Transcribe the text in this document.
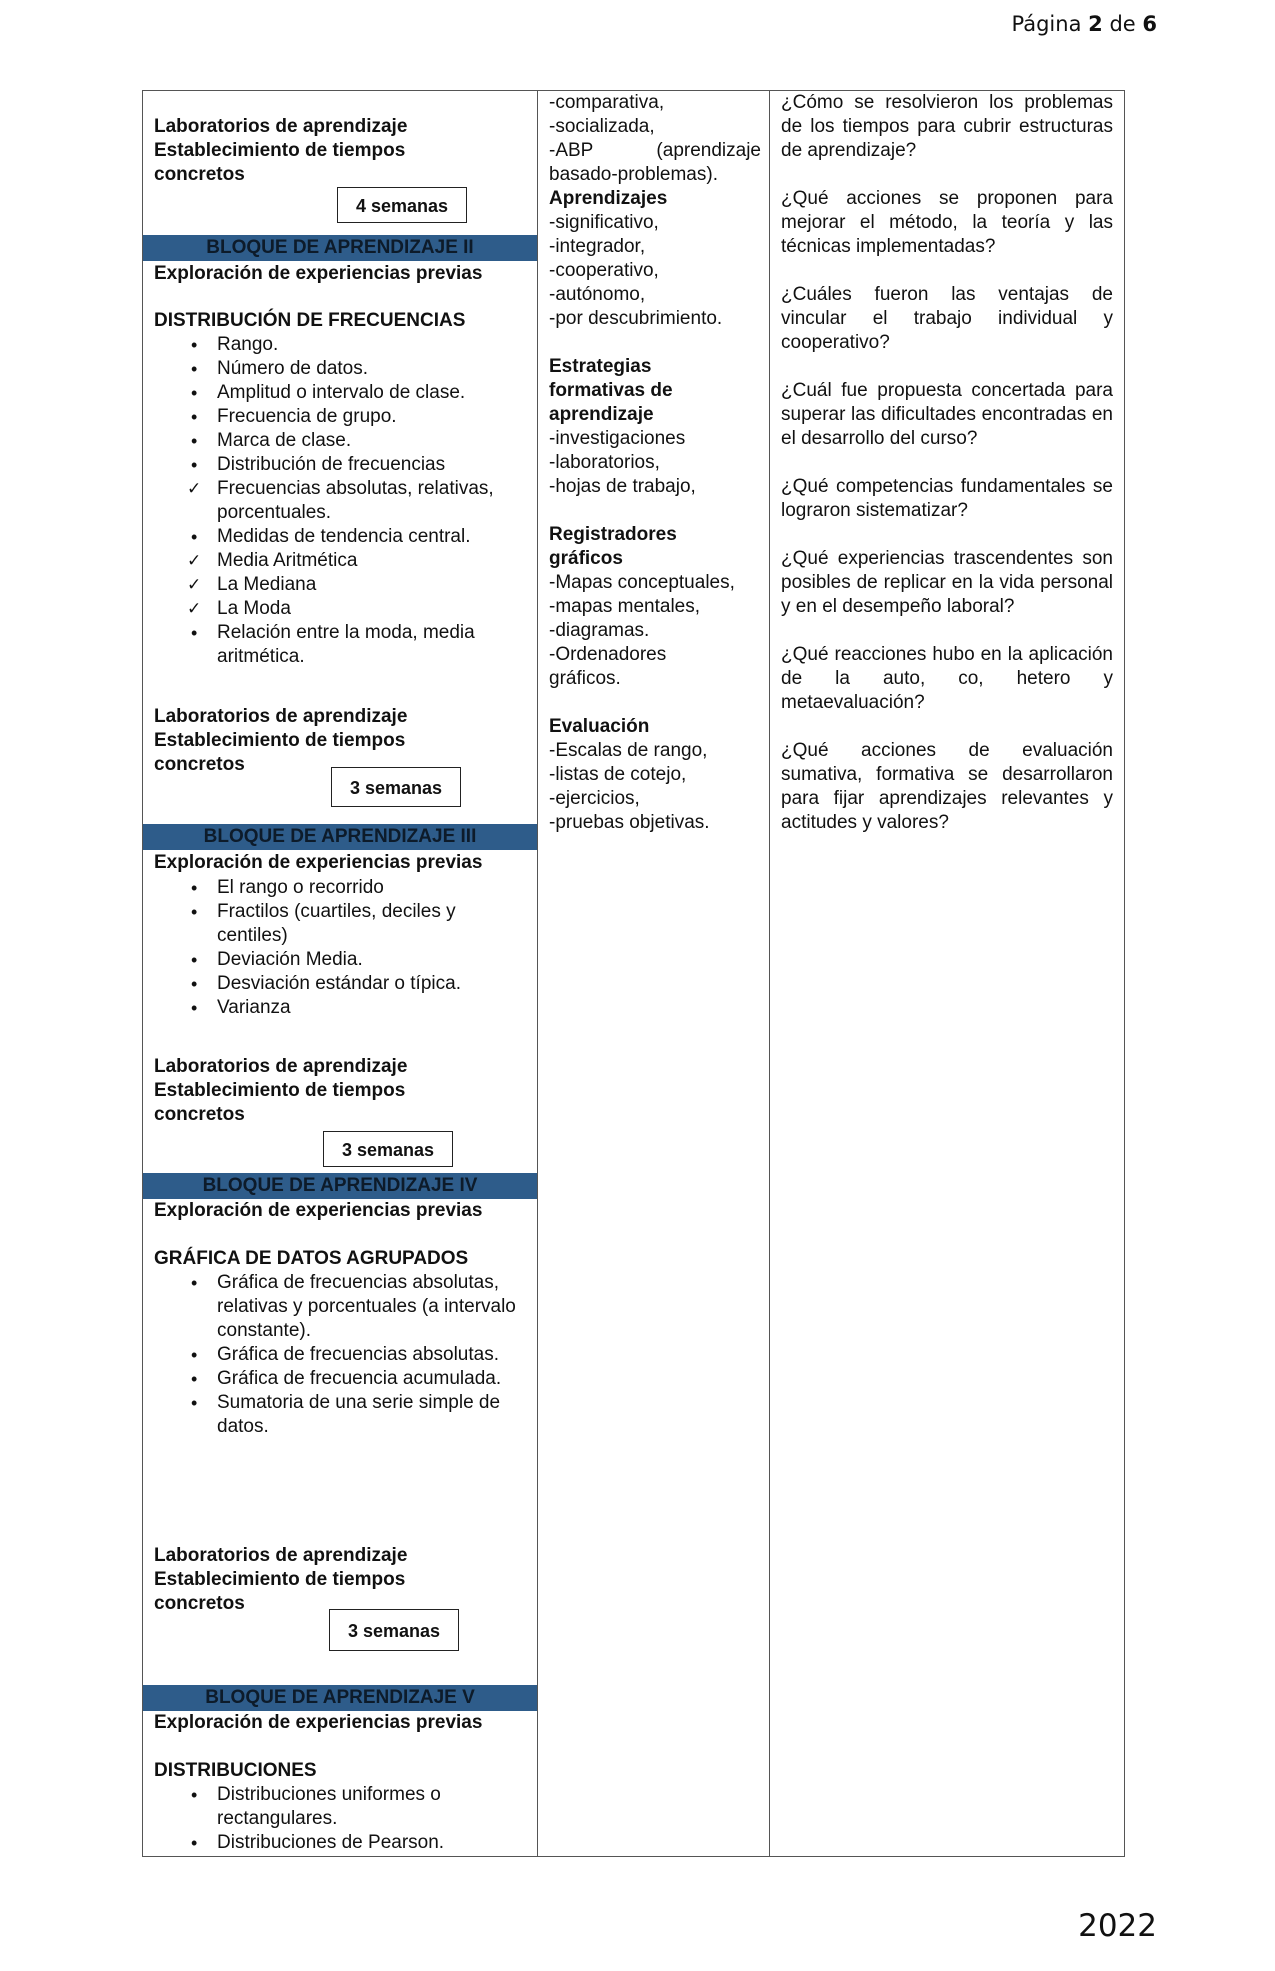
Página 2 de 6
Laboratorios de aprendizaje
Establecimiento de tiempos
concretos
4 semanas
BLOQUE DE APRENDIZAJE II
Exploración de experiencias previas
DISTRIBUCIÓN DE FRECUENCIAS
• Rango.
• Número de datos.
• Amplitud o intervalo de clase.
• Frecuencia de grupo.
• Marca de clase.
• Distribución de frecuencias
✓ Frecuencias absolutas, relativas, porcentuales.
• Medidas de tendencia central.
✓ Media Aritmética
✓ La Mediana
✓ La Moda
• Relación entre la moda, media aritmética.
Laboratorios de aprendizaje
Establecimiento de tiempos
concretos
3 semanas
BLOQUE DE APRENDIZAJE III
Exploración de experiencias previas
• El rango o recorrido
• Fractilos (cuartiles, deciles y centiles)
• Deviación Media.
• Desviación estándar o típica.
• Varianza
Laboratorios de aprendizaje
Establecimiento de tiempos
concretos
3 semanas
BLOQUE DE APRENDIZAJE IV
Exploración de experiencias previas
GRÁFICA DE DATOS AGRUPADOS
• Gráfica de frecuencias absolutas, relativas y porcentuales (a intervalo constante).
• Gráfica de frecuencias absolutas.
• Gráfica de frecuencia acumulada.
• Sumatoria de una serie simple de datos.
Laboratorios de aprendizaje
Establecimiento de tiempos
concretos
3 semanas
BLOQUE DE APRENDIZAJE V
Exploración de experiencias previas
DISTRIBUCIONES
• Distribuciones uniformes o rectangulares.
• Distribuciones de Pearson.
-comparativa,
-socializada,
-ABP	(aprendizaje
basado-problemas).
Aprendizajes
-significativo,
-integrador,
-cooperativo,
-autónomo,
-por descubrimiento.
Estrategias
formativas de
aprendizaje
-investigaciones
-laboratorios,
-hojas de trabajo,
Registradores
gráficos
-Mapas conceptuales,
-mapas mentales,
-diagramas.
-Ordenadores
gráficos.
Evaluación
-Escalas de rango,
-listas de cotejo,
-ejercicios,
-pruebas objetivas.

¿Cómo se resolvieron los problemas de los tiempos para cubrir estructuras de aprendizaje?

¿Qué acciones se proponen para mejorar el método, la teoría y las técnicas implementadas?

¿Cuáles fueron las ventajas de vincular el trabajo individual y cooperativo?

¿Cuál fue propuesta concertada para superar las dificultades encontradas en el desarrollo del curso?

¿Qué competencias fundamentales se lograron sistematizar?

¿Qué experiencias trascendentes son posibles de replicar en la vida personal y en el desempeño laboral?

¿Qué reacciones hubo en la aplicación de la auto, co, hetero y metaevaluación?

¿Qué acciones de evaluación sumativa, formativa se desarrollaron para fijar aprendizajes relevantes y actitudes y valores?

2022
